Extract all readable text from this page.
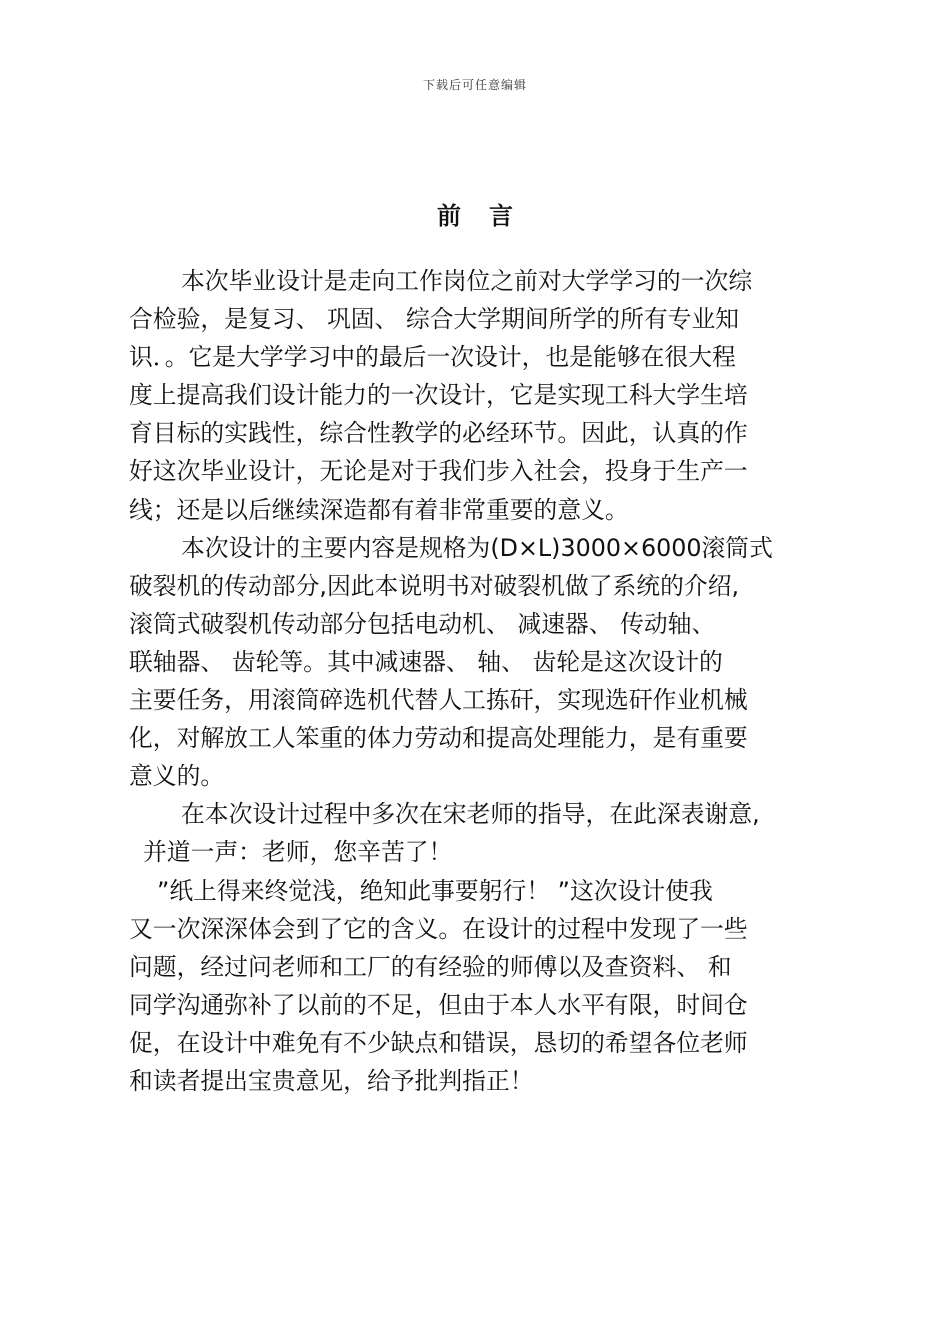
下载后可任意编辑
前言
本次毕业设计是走向工作岗位之前对大学学习的一次综
合检验，是复习、 巩固、 综合大学期间所学的所有专业知
识．。它是大学学习中的最后一次设计，也是能够在很大程
度上提高我们设计能力的一次设计，它是实现工科大学生培
育目标的实践性，综合性教学的必经环节。因此，认真的作
好这次毕业设计，无论是对于我们步入社会，投身于生产一
线；还是以后继续深造都有着非常重要的意义。
本次设计的主要内容是规格为(D×L)3000×6000滚筒式
破裂机的传动部分,因此本说明书对破裂机做了系统的介绍,
滚筒式破裂机传动部分包括电动机、 减速器、 传动轴、
联轴器、 齿轮等。其中减速器、 轴、 齿轮是这次设计的
主要任务，用滚筒碎选机代替人工拣矸，实现选矸作业机械
化，对解放工人笨重的体力劳动和提高处理能力，是有重要
意义的。
在本次设计过程中多次在宋老师的指导，在此深表谢意,
并道一声：老师，您辛苦了！
”纸上得来终觉浅，绝知此事要躬行！ ”这次设计使我
又一次深深体会到了它的含义。在设计的过程中发现了一些
问题，经过问老师和工厂的有经验的师傅以及查资料、 和
同学沟通弥补了以前的不足，但由于本人水平有限，时间仓
促，在设计中难免有不少缺点和错误，恳切的希望各位老师
和读者提出宝贵意见，给予批判指正！
